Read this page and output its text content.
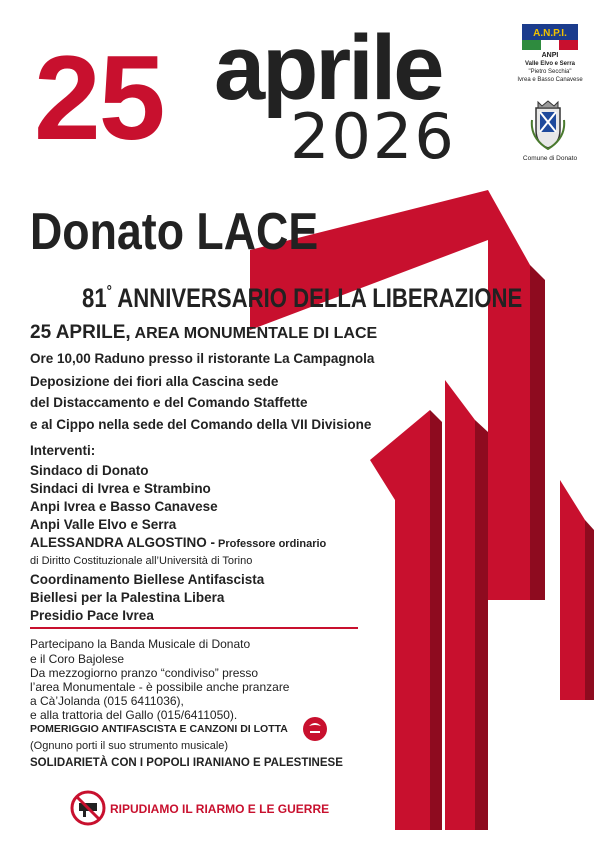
25 aprile
2026
A.N.P.I.
ANPI
Valle Elvo e Serra
"Pietro Secchia"
Ivrea e Basso Canavese
Comune di Donato
Donato LACE
81° ANNIVERSARIO DELLA LIBERAZIONE
25 APRILE, AREA MONUMENTALE DI LACE
Ore 10,00 Raduno presso il ristorante La Campagnola
Deposizione dei fiori alla Cascina sede
del Distaccamento e del Comando Staffette
e al Cippo nella sede del Comando della VII Divisione
Interventi:
Sindaco di Donato
Sindaci di Ivrea e Strambino
Anpi Ivrea e Basso Canavese
Anpi Valle Elvo e Serra
ALESSANDRA ALGOSTINO - Professore ordinario
di Diritto Costituzionale all’Università di Torino
Coordinamento Biellese Antifascista
Biellesi per la Palestina Libera
Presidio Pace Ivrea
Partecipano la Banda Musicale di Donato
e il Coro Bajolese
Da mezzogiorno pranzo “condiviso” presso
l’area Monumentale - è possibile anche pranzare
a Cà’Jolanda (015 6411036),
e alla trattoria del Gallo (015/6411050).
POMERIGGIO ANTIFASCISTA E CANZONI DI LOTTA
(Ognuno porti il suo strumento musicale)
SOLIDARIETÀ CON I POPOLI IRANIANO E PALESTINESE
RIPUDIAMO IL RIARMO E LE GUERRE
